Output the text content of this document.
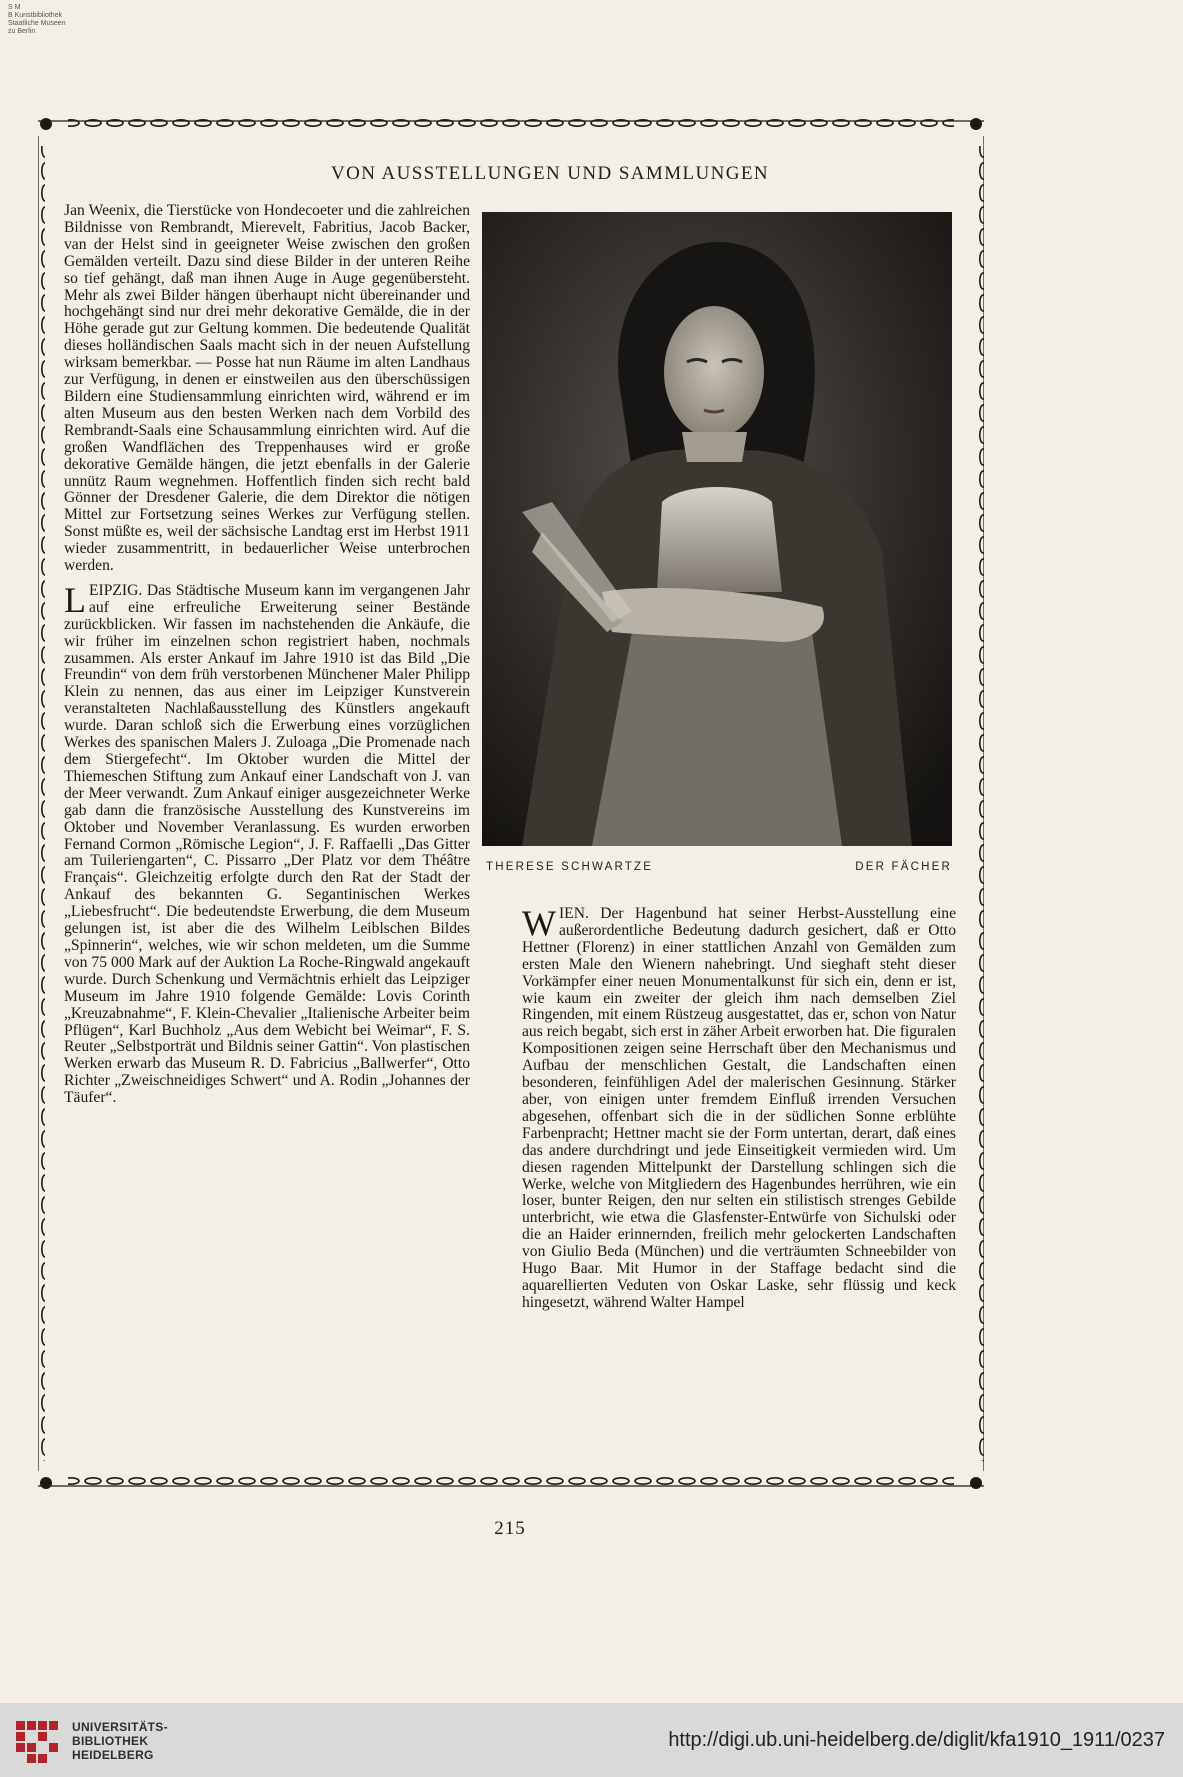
S M
B Kunstbibliothek
Staatliche Museen
zu Berlin
VON AUSSTELLUNGEN UND SAMMLUNGEN

Jan Weenix, die Tierstücke von Hondecoeter und die zahlreichen Bildnisse von Rembrandt, Mierevelt, Fabritius, Jacob Backer, van der Helst sind in geeigneter Weise zwischen den großen Gemälden verteilt. Dazu sind diese Bilder in der unteren Reihe so tief gehängt, daß man ihnen Auge in Auge gegenübersteht. Mehr als zwei Bilder hängen überhaupt nicht übereinander und hochgehängt sind nur drei mehr dekorative Gemälde, die in der Höhe gerade gut zur Geltung kommen. Die bedeutende Qualität dieses holländischen Saals macht sich in der neuen Aufstellung wirksam bemerkbar. — Posse hat nun Räume im alten Landhaus zur Verfügung, in denen er einstweilen aus den überschüssigen Bildern eine Studiensammlung einrichten wird, während er im alten Museum aus den besten Werken nach dem Vorbild des Rembrandt-Saals eine Schausammlung einrichten wird. Auf die großen Wandflächen des Treppenhauses wird er große dekorative Gemälde hängen, die jetzt ebenfalls in der Galerie unnütz Raum wegnehmen. Hoffentlich finden sich recht bald Gönner der Dresdener Galerie, die dem Direktor die nötigen Mittel zur Fortsetzung seines Werkes zur Verfügung stellen. Sonst müßte es, weil der sächsische Landtag erst im Herbst 1911 wieder zusammentritt, in bedauerlicher Weise unterbrochen werden.

LEIPZIG. Das Städtische Museum kann im vergangenen Jahr auf eine erfreuliche Erweiterung seiner Bestände zurückblicken. Wir fassen im nachstehenden die Ankäufe, die wir früher im einzelnen schon registriert haben, nochmals zusammen. Als erster Ankauf im Jahre 1910 ist das Bild „Die Freundin“ von dem früh verstorbenen Münchener Maler Philipp Klein zu nennen, das aus einer im Leipziger Kunstverein veranstalteten Nachlaßausstellung des Künstlers angekauft wurde. Daran schloß sich die Erwerbung eines vorzüglichen Werkes des spanischen Malers J. Zuloaga „Die Promenade nach dem Stiergefecht“. Im Oktober wurden die Mittel der Thiemeschen Stiftung zum Ankauf einer Landschaft von J. van der Meer verwandt. Zum Ankauf einiger ausgezeichneter Werke gab dann die französische Ausstellung des Kunstvereins im Oktober und November Veranlassung. Es wurden erworben Fernand Cormon „Römische Legion“, J. F. Raffaelli „Das Gitter am Tuileriengarten“, C. Pissarro „Der Platz vor dem Théâtre Français“. Gleichzeitig erfolgte durch den Rat der Stadt der Ankauf des bekannten G. Segantinischen Werkes „Liebesfrucht“. Die bedeutendste Erwerbung, die dem Museum gelungen ist, ist aber die des Wilhelm Leiblschen Bildes „Spinnerin“, welches, wie wir schon meldeten, um die Summe von 75 000 Mark auf der Auktion La Roche-Ringwald angekauft wurde. Durch Schenkung und Vermächtnis erhielt das Leipziger Museum im Jahre 1910 folgende Gemälde: Lovis Corinth „Kreuzabnahme“, F. Klein-Chevalier „Italienische Arbeiter beim Pflügen“, Karl Buchholz „Aus dem Webicht bei Weimar“, F. S. Reuter „Selbstporträt und Bildnis seiner Gattin“. Von plastischen Werken erwarb das Museum R. D. Fabricius „Ballwerfer“, Otto Richter „Zweischneidiges Schwert“ und A. Rodin „Johannes der Täufer“.

THERESE SCHWARTZE	DER FÄCHER

WIEN. Der Hagenbund hat seiner Herbst-Ausstellung eine außerordentliche Bedeutung dadurch gesichert, daß er Otto Hettner (Florenz) in einer stattlichen Anzahl von Gemälden zum ersten Male den Wienern nahebringt. Und sieghaft steht dieser Vorkämpfer einer neuen Monumentalkunst für sich ein, denn er ist, wie kaum ein zweiter der gleich ihm nach demselben Ziel Ringenden, mit einem Rüstzeug ausgestattet, das er, schon von Natur aus reich begabt, sich erst in zäher Arbeit erworben hat. Die figuralen Kompositionen zeigen seine Herrschaft über den Mechanismus und Aufbau der menschlichen Gestalt, die Landschaften einen besonderen, feinfühligen Adel der malerischen Gesinnung. Stärker aber, von einigen unter fremdem Einfluß irrenden Versuchen abgesehen, offenbart sich die in der südlichen Sonne erblühte Farbenpracht; Hettner macht sie der Form untertan, derart, daß eines das andere durchdringt und jede Einseitigkeit vermieden wird. Um diesen ragenden Mittelpunkt der Darstellung schlingen sich die Werke, welche von Mitgliedern des Hagenbundes herrühren, wie ein loser, bunter Reigen, den nur selten ein stilistisch strenges Gebilde unterbricht, wie etwa die Glasfenster-Entwürfe von Sichulski oder die an Haider erinnernden, freilich mehr gelockerten Landschaften von Giulio Beda (München) und die verträumten Schneebilder von Hugo Baar. Mit Humor in der Staffage bedacht sind die aquarellierten Veduten von Oskar Laske, sehr flüssig und keck hingesetzt, während Walter Hampel

215
UNIVERSITÄTS-
BIBLIOTHEK
HEIDELBERG
http://digi.ub.uni-heidelberg.de/diglit/kfa1910_1911/0237
